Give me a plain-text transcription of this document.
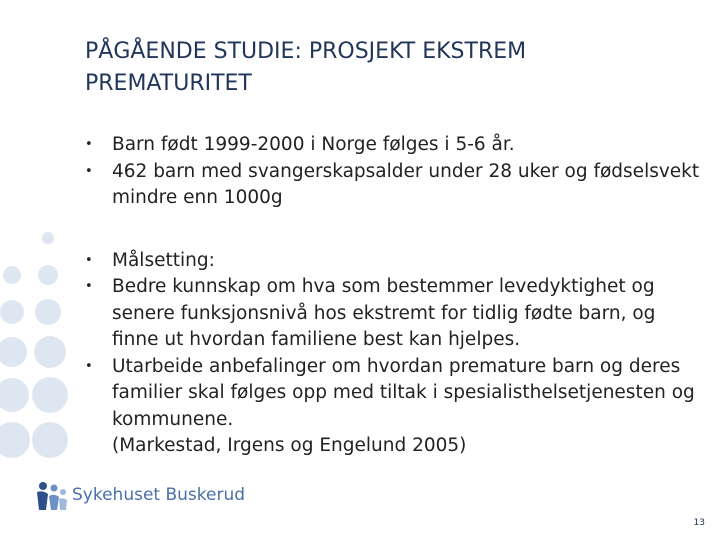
PÅGÅENDE STUDIE: PROSJEKT EKSTREM
PREMATURITET
• Barn født 1999-2000 i Norge følges i 5-6 år.
• 462 barn med svangerskapsalder under 28 uker og fødselsvekt mindre enn 1000g
• Målsetting:
• Bedre kunnskap om hva som bestemmer levedyktighet og senere funksjonsnivå hos ekstremt for tidlig fødte barn, og finne ut hvordan familiene best kan hjelpes.
• Utarbeide anbefalinger om hvordan premature barn og deres familier skal følges opp med tiltak i spesialisthelsetjenesten og kommunene.
(Markestad, Irgens og Engelund 2005)
Sykehuset Buskerud
13
